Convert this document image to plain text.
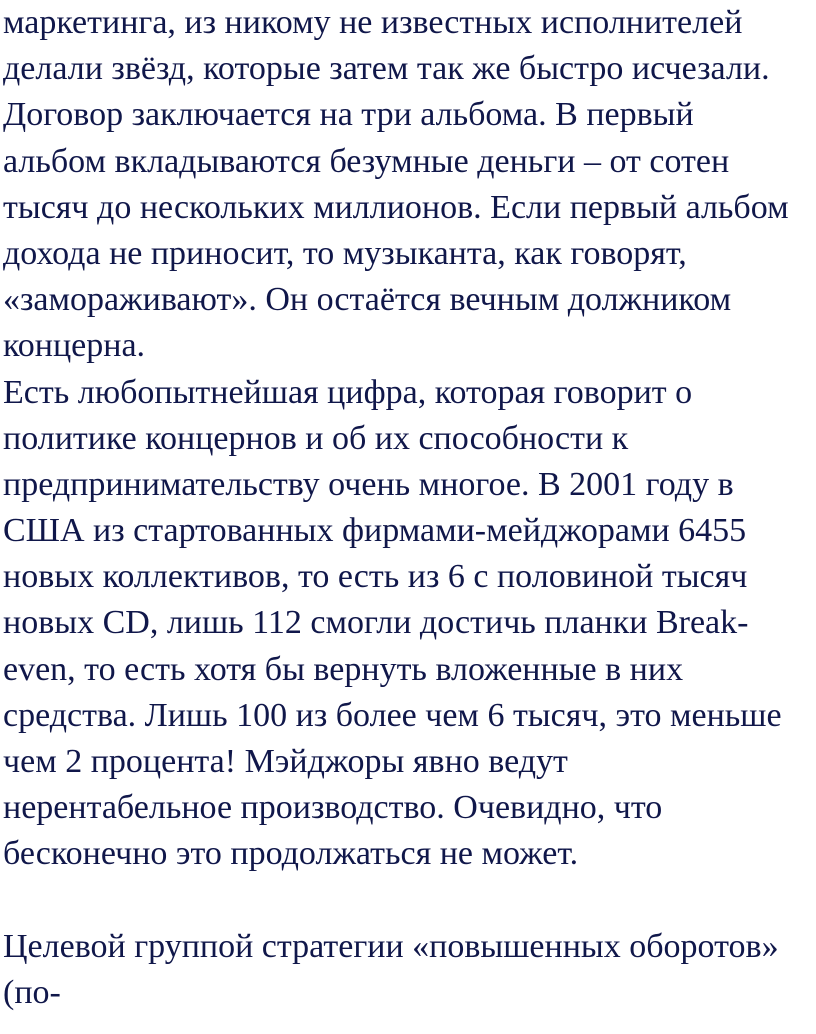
маркетинга, из никому не известных исполнителей
делали звёзд, которые затем так же быстро исчезали.
Договор заключается на три альбома. В первый
альбом вкладываются безумные деньги – от сотен
тысяч до нескольких миллионов. Если первый альбом
дохода не приносит, то музыканта, как говорят,
«замораживают». Он остаётся вечным должником
концерна.
Есть любопытнейшая цифра, которая говорит о
политике концернов и об их способности к
предпринимательству очень многое. В 2001 году в
США из стартованных фирмами-мейджорами 6455
новых коллективов, то есть из 6 с половиной тысяч
новых CD, лишь 112 смогли достичь планки Break-
even, то есть хотя бы вернуть вложенные в них
средства. Лишь 100 из более чем 6 тысяч, это меньше
чем 2 процента! Мэйджоры явно ведут
нерентабельное производство. Очевидно, что
бесконечно это продолжаться не может.
Целевой группой стратегии «повышенных оборотов»
(по-
